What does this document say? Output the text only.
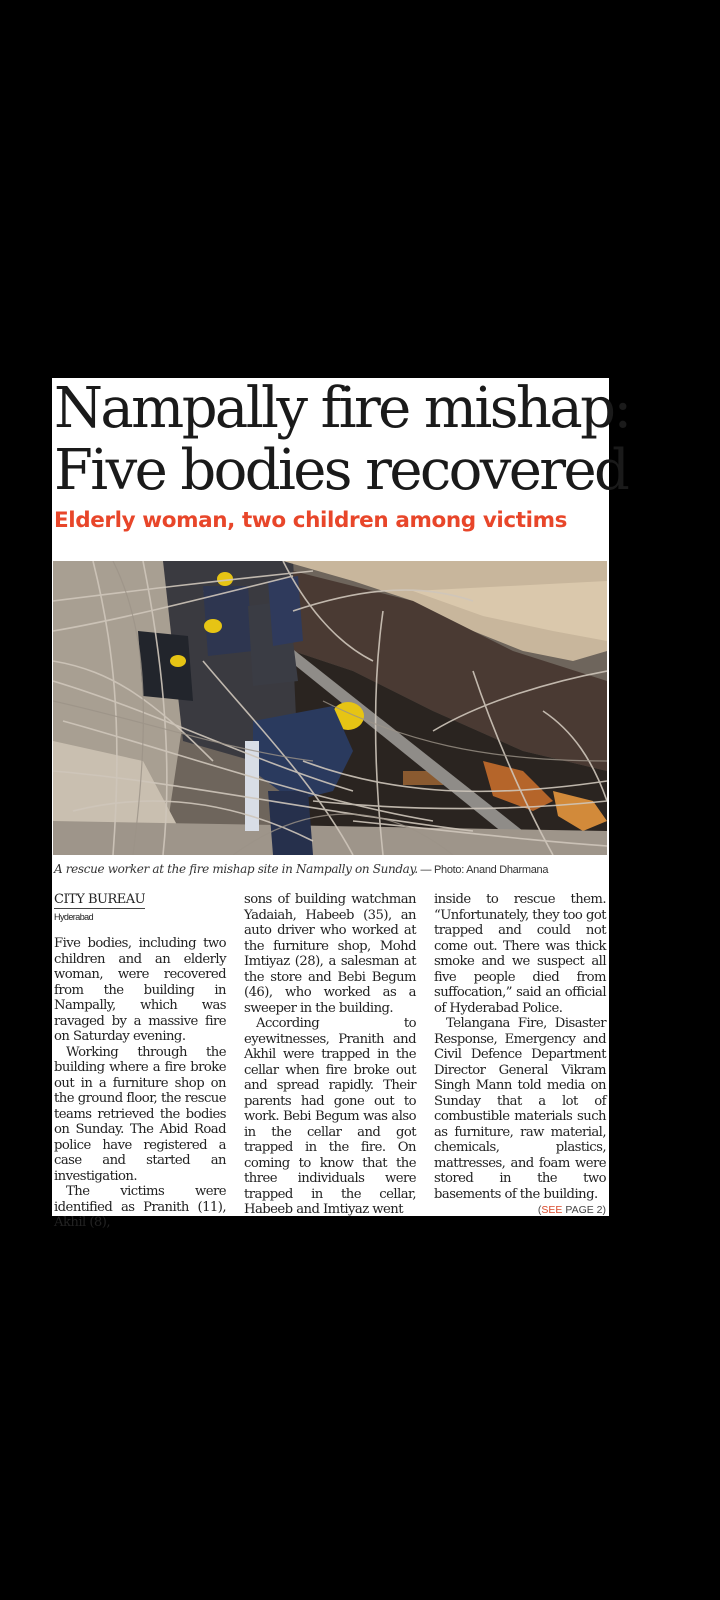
Nampally fire mishap:
Five bodies recovered
Elderly woman, two children among victims
A rescue worker at the fire mishap site in Nampally on Sunday. — Photo: Anand Dharmana
CITY BUREAU
Hyderabad

Five bodies, including two children and an elderly woman, were recovered from the building in Nampally, which was ravaged by a massive fire on Saturday evening.

Working through the building where a fire broke out in a furniture shop on the ground floor, the rescue teams retrieved the bodies on Sunday. The Abid Road police have registered a case and started an investigation.

The victims were identified as Pranith (11), Akhil (8),

sons of building watchman Yadaiah, Habeeb (35), an auto driver who worked at the furniture shop, Mohd Imtiyaz (28), a salesman at the store and Bebi Begum (46), who worked as a sweeper in the building.

According to eyewitnesses, Pranith and Akhil were trapped in the cellar when fire broke out and spread rapidly. Their parents had gone out to work. Bebi Begum was also in the cellar and got trapped in the fire. On coming to know that the three individuals were trapped in the cellar, Habeeb and Imtiyaz went

inside to rescue them. “Unfortunately, they too got trapped and could not come out. There was thick smoke and we suspect all five people died from suffocation,” said an official of Hyderabad Police.

Telangana Fire, Disaster Response, Emergency and Civil Defence Department Director General Vikram Singh Mann told media on Sunday that a lot of combustible materials such as furniture, raw material, chemicals, plastics, mattresses, and foam were stored in the two basements of the building.
(SEE PAGE 2)
